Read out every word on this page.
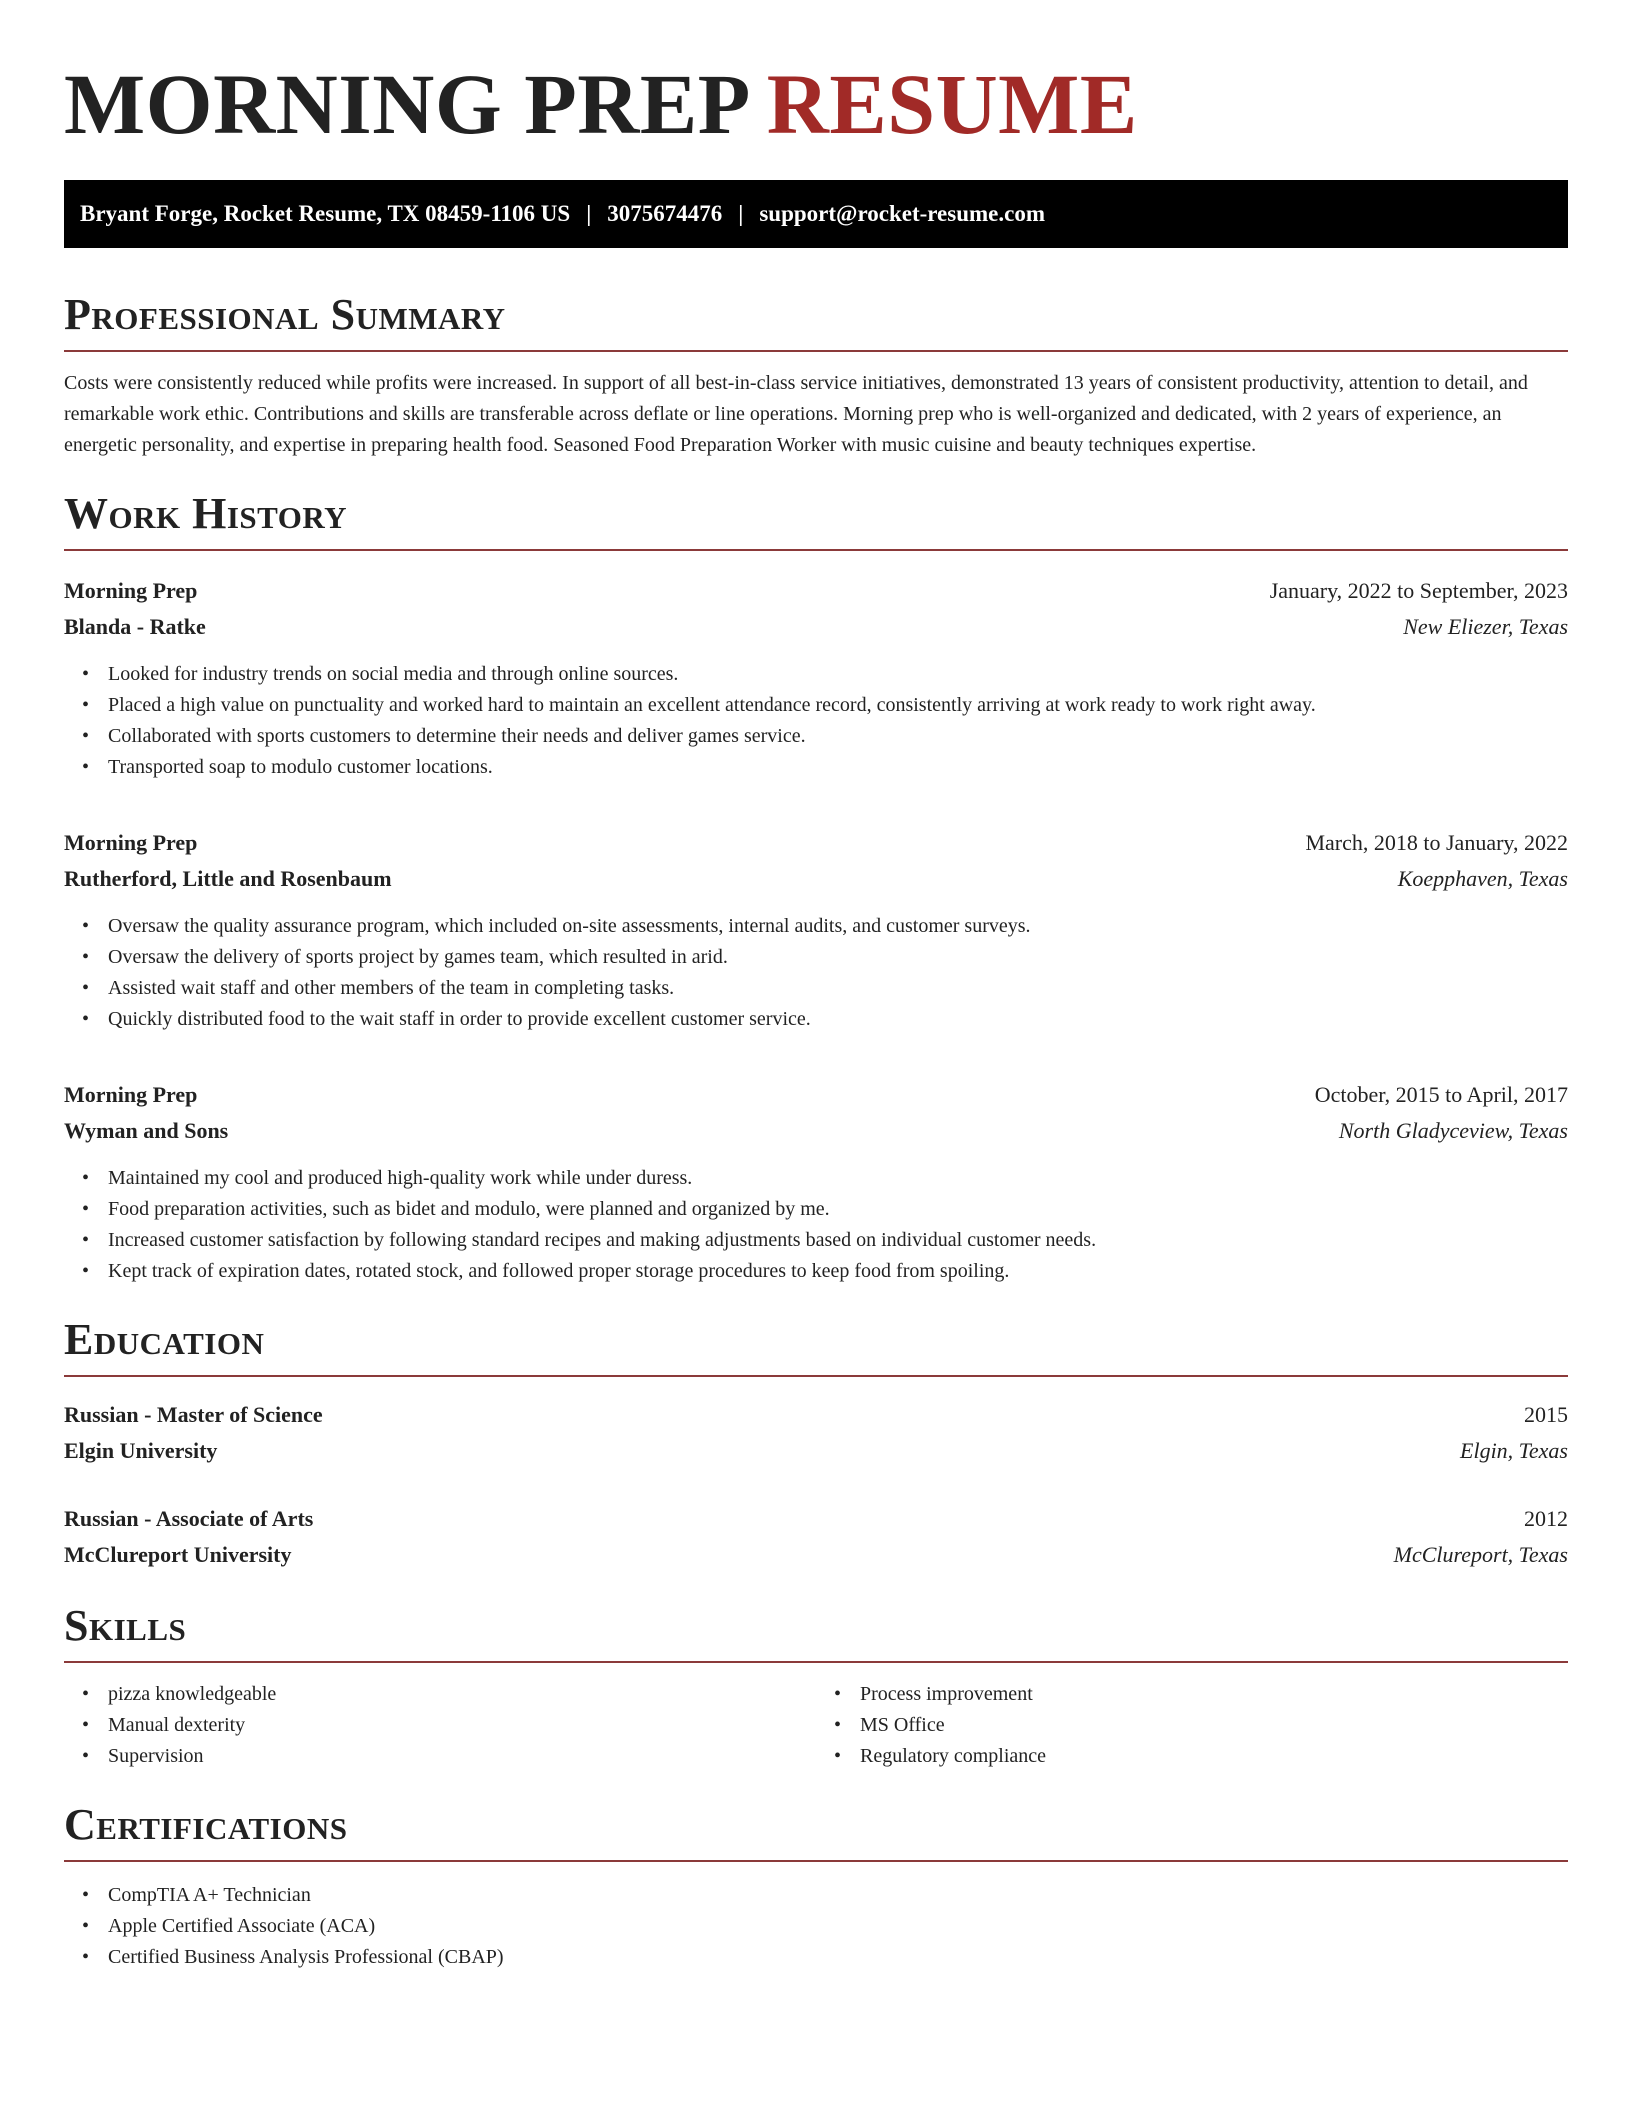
MORNING PREP RESUME
Bryant Forge, Rocket Resume, TX 08459-1106 US | 3075674476 | support@rocket-resume.com
Professional Summary

Costs were consistently reduced while profits were increased. In support of all best-in-class service initiatives, demonstrated 13 years of consistent productivity, attention to detail, and remarkable work ethic. Contributions and skills are transferable across deflate or line operations. Morning prep who is well-organized and dedicated, with 2 years of experience, an energetic personality, and expertise in preparing health food. Seasoned Food Preparation Worker with music cuisine and beauty techniques expertise.

Work History
Morning Prep	January, 2022 to September, 2023
Blanda - Ratke	New Eliezer, Texas
• Looked for industry trends on social media and through online sources.
• Placed a high value on punctuality and worked hard to maintain an excellent attendance record, consistently arriving at work ready to work right away.
• Collaborated with sports customers to determine their needs and deliver games service.
• Transported soap to modulo customer locations.
Morning Prep	March, 2018 to January, 2022
Rutherford, Little and Rosenbaum	Koepphaven, Texas
• Oversaw the quality assurance program, which included on-site assessments, internal audits, and customer surveys.
• Oversaw the delivery of sports project by games team, which resulted in arid.
• Assisted wait staff and other members of the team in completing tasks.
• Quickly distributed food to the wait staff in order to provide excellent customer service.
Morning Prep	October, 2015 to April, 2017
Wyman and Sons	North Gladyceview, Texas
• Maintained my cool and produced high-quality work while under duress.
• Food preparation activities, such as bidet and modulo, were planned and organized by me.
• Increased customer satisfaction by following standard recipes and making adjustments based on individual customer needs.
• Kept track of expiration dates, rotated stock, and followed proper storage procedures to keep food from spoiling.
Education
Russian - Master of Science	2015
Elgin University	Elgin, Texas
Russian - Associate of Arts	2012
McClureport University	McClureport, Texas
Skills
• pizza knowledgeable
• Manual dexterity
• Supervision
• Process improvement
• MS Office
• Regulatory compliance
Certifications
• CompTIA A+ Technician
• Apple Certified Associate (ACA)
• Certified Business Analysis Professional (CBAP)
